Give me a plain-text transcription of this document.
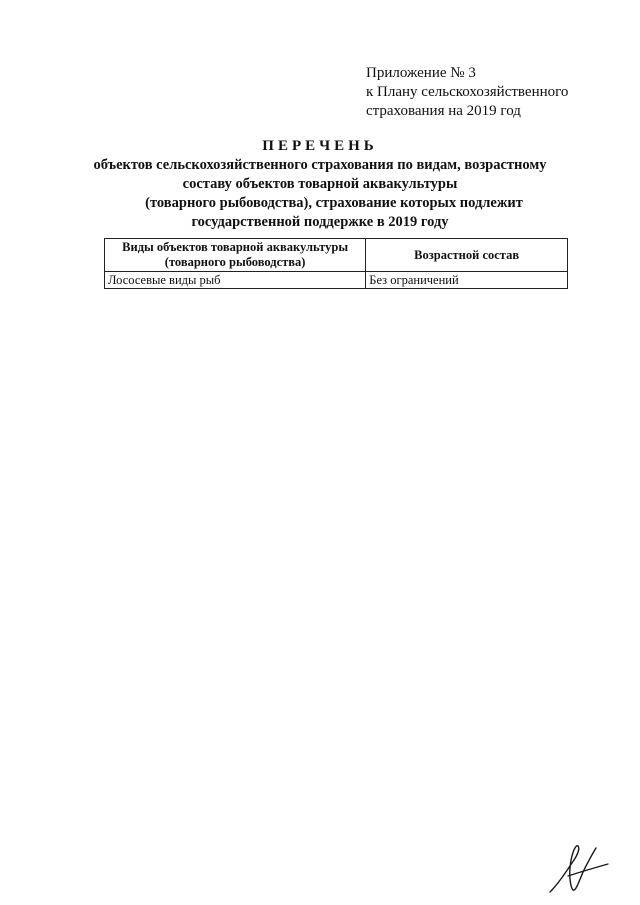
Приложение № 3
к Плану сельскохозяйственного
страхования на 2019 год
ПЕРЕЧЕНЬ
объектов сельскохозяйственного страхования по видам, возрастному
составу объектов товарной аквакультуры
(товарного рыбоводства), страхование которых подлежит
государственной поддержке в 2019 году
Виды объектов товарной аквакультуры
(товарного рыбоводства)	Возрастной состав

Лососевые виды рыб	Без ограничений
